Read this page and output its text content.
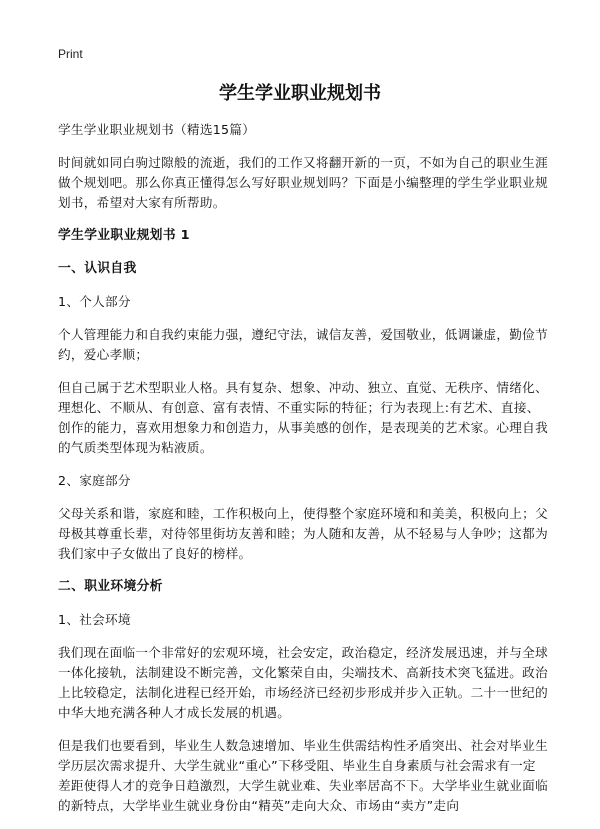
Print
学生学业职业规划书

学生学业职业规划书（精选15篇）

时间就如同白驹过隙般的流逝，我们的工作又将翻开新的一页，不如为自己的职业生涯做个规划吧。那么你真正懂得怎么写好职业规划吗？下面是小编整理的学生学业职业规划书，希望对大家有所帮助。

学生学业职业规划书 1
一、认识自我

1、个人部分

个人管理能力和自我约束能力强，遵纪守法，诚信友善，爱国敬业，低调谦虚，勤俭节约，爱心孝顺；

但自己属于艺术型职业人格。具有复杂、想象、冲动、独立、直觉、无秩序、情绪化、理想化、不顺从、有创意、富有表情、不重实际的特征；行为表现上:有艺术、直接、创作的能力，喜欢用想象力和创造力，从事美感的创作，是表现美的艺术家。心理自我的气质类型体现为粘液质。

2、家庭部分

父母关系和谐，家庭和睦，工作积极向上，使得整个家庭环境和和美美，积极向上；父母极其尊重长辈，对待邻里街坊友善和睦；为人随和友善，从不轻易与人争吵；这都为我们家中子女做出了良好的榜样。

二、职业环境分析

1、社会环境

我们现在面临一个非常好的宏观环境，社会安定，政治稳定，经济发展迅速，并与全球一体化接轨，法制建设不断完善，文化繁荣自由，尖端技术、高新技术突飞猛进。政治上比较稳定，法制化进程已经开始，市场经济已经初步形成并步入正轨。二十一世纪的中华大地充满各种人才成长发展的机遇。

但是我们也要看到，毕业生人数急速增加、毕业生供需结构性矛盾突出、社会对毕业生学历层次需求提升、大学生就业“重心”下移受阻、毕业生自身素质与社会需求有一定差距使得人才的竞争日趋激烈，大学生就业难、失业率居高不下。大学毕业生就业面临的新特点，大学毕业生就业身份由“精英”走向大众、市场由“卖方”走向
